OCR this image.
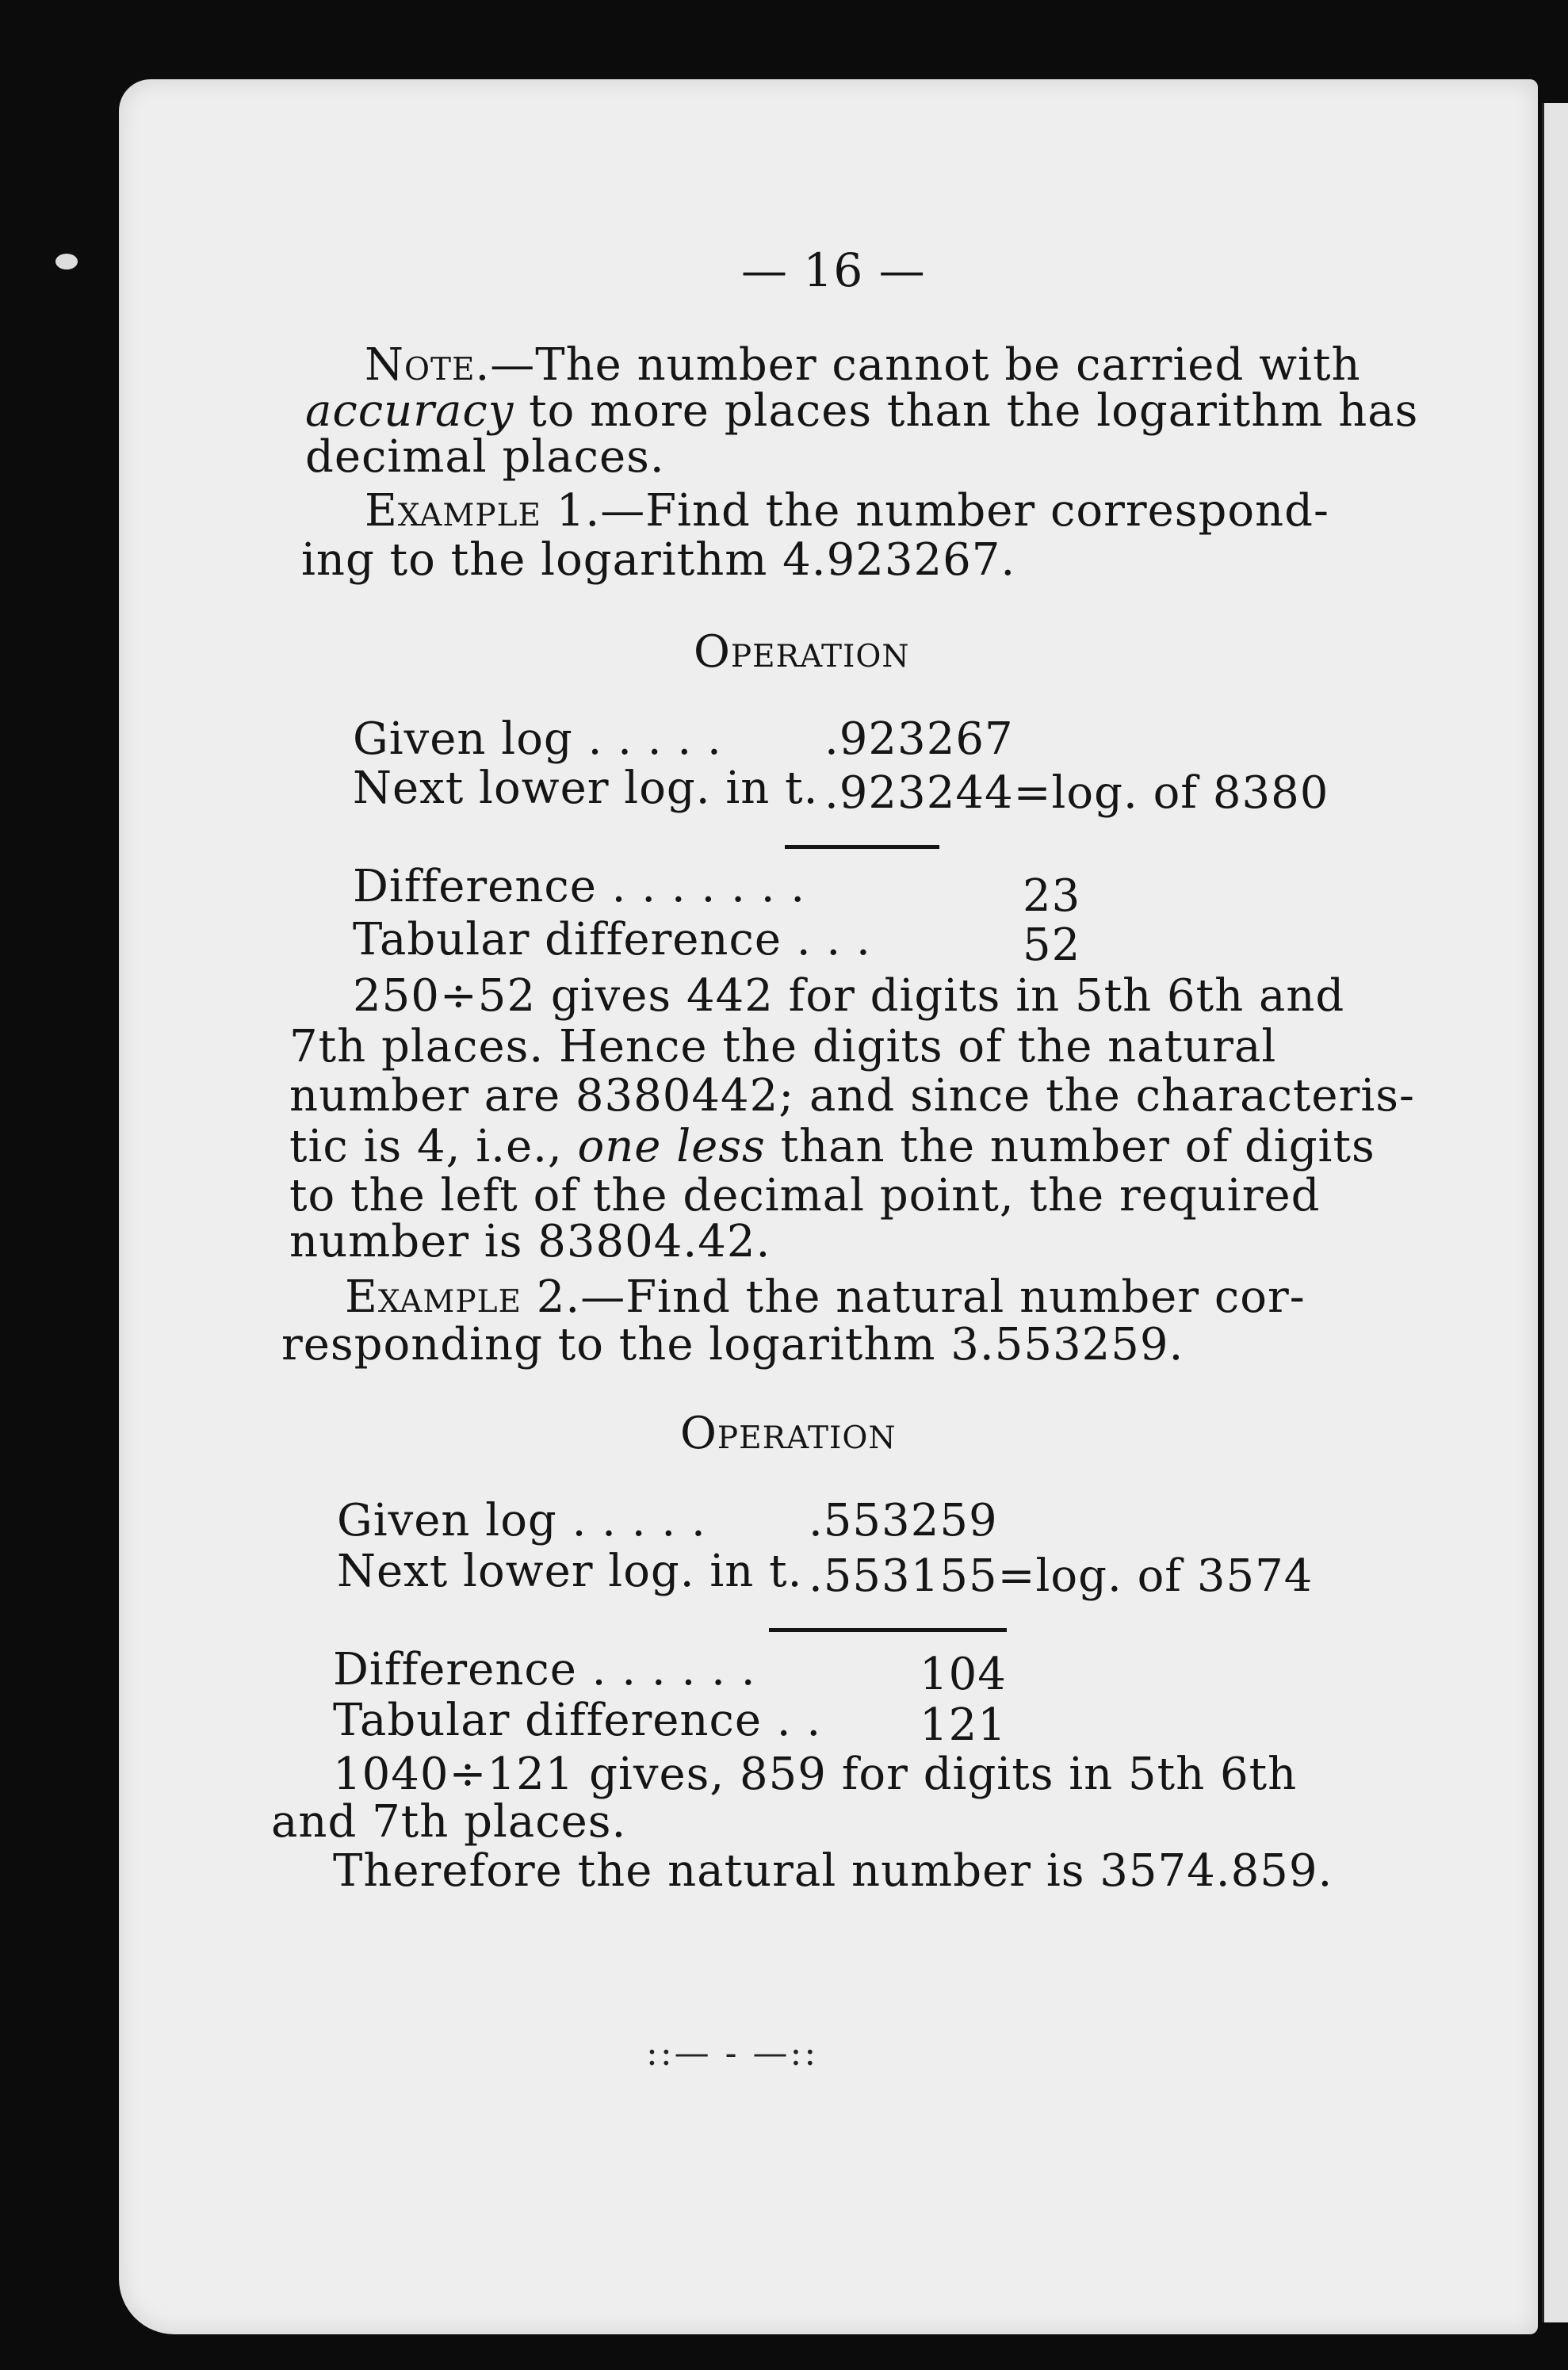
— 16 —
Note.—The number cannot be carried with
accuracy to more places than the logarithm has
decimal places.
Example 1.—Find the number correspond-
ing to the logarithm 4.923267.
Operation
Given log . . . . . .923267
Next lower log. in t. .923244=log. of 8380
Difference . . . . . . .	23
Tabular difference . . .	52
250÷52 gives 442 for digits in 5th 6th and
7th places. Hence the digits of the natural
number are 8380442; and since the characteris-
tic is 4, i.e., one less than the number of digits
to the left of the decimal point, the required
number is 83804.42.
Example 2.—Find the natural number cor-
responding to the logarithm 3.553259.
Operation
Given log . . . . . .553259
Next lower log. in t. .553155=log. of 3574
Difference . . . . . .	104
Tabular difference . . 121
1040÷121 gives, 859 for digits in 5th 6th
and 7th places.
Therefore the natural number is 3574.859.
::— - —::
